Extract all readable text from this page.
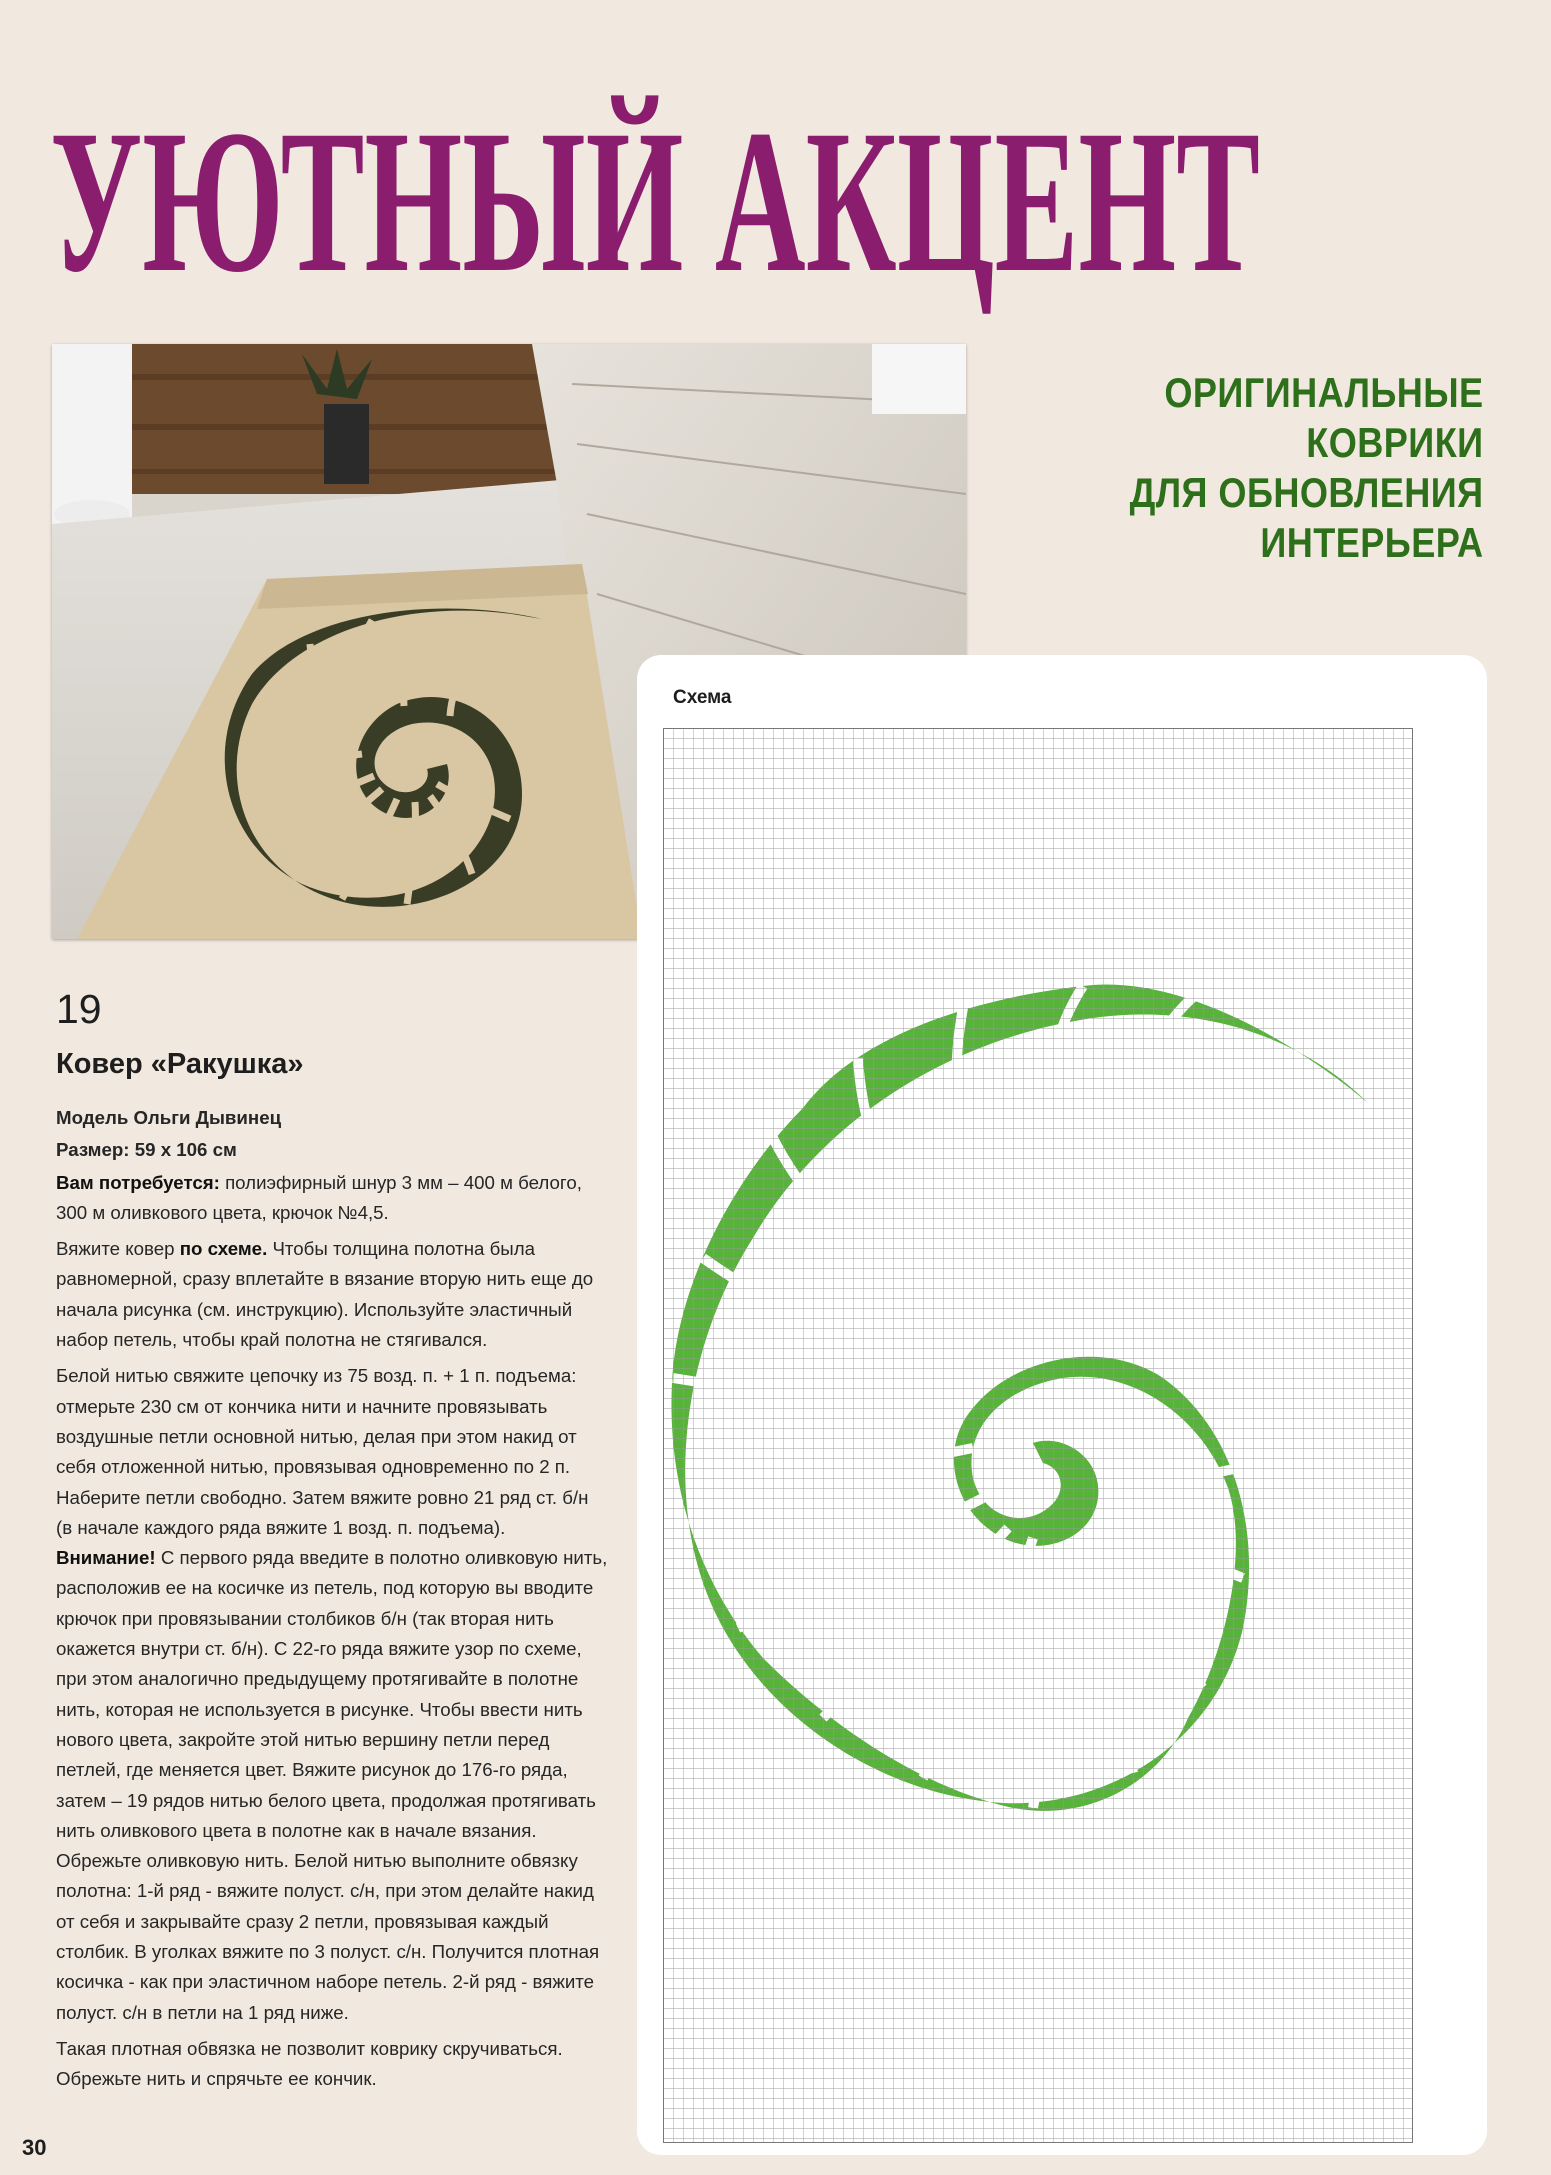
УЮТНЫЙ АКЦЕНТ
ОРИГИНАЛЬНЫЕ
КОВРИКИ
ДЛЯ ОБНОВЛЕНИЯ
ИНТЕРЬЕРА
Схема
19
Ковер «Ракушка»

Модель Ольги Дывинец

Размер: 59 х 106 см

Вам потребуется: полиэфирный шнур 3 мм – 400 м белого, 300 м оливкового цвета, крючок №4,5.

Вяжите ковер по схеме. Чтобы толщина полотна была равномерной, сразу вплетайте в вязание вторую нить еще до начала рисунка (см. инструкцию). Используйте эластичный набор петель, чтобы край полотна не стягивался.

Белой нитью свяжите цепочку из 75 возд. п. + 1 п. подъема: отмерьте 230 см от кончика нити и начните провязывать воздушные петли основной нитью, делая при этом накид от себя отложенной нитью, провязывая одновременно по 2 п. Наберите петли свободно. Затем вяжите ровно 21 ряд ст. б/н (в начале каждого ряда вяжите 1 возд. п. подъема). Внимание! С первого ряда введите в полотно оливковую нить, расположив ее на косичке из петель, под которую вы вводите крючок при провязывании столбиков б/н (так вторая нить окажется внутри ст. б/н). С 22-го ряда вяжите узор по схеме, при этом аналогично предыдущему протягивайте в полотне нить, которая не используется в рисунке. Чтобы ввести нить нового цвета, закройте этой нитью вершину петли перед петлей, где меняется цвет. Вяжите рисунок до 176-го ряда, затем – 19 рядов нитью белого цвета, продолжая протягивать нить оливкового цвета в полотне как в начале вязания. Обрежьте оливковую нить. Белой нитью выполните обвязку полотна: 1-й ряд - вяжите полуст. с/н, при этом делайте накид от себя и закрывайте сразу 2 петли, провязывая каждый столбик. В уголках вяжите по 3 полуст. с/н. Получится плотная косичка - как при эластичном наборе петель. 2-й ряд - вяжите полуст. с/н в петли на 1 ряд ниже.

Такая плотная обвязка не позволит коврику скручиваться. Обрежьте нить и спрячьте ее кончик.

30
